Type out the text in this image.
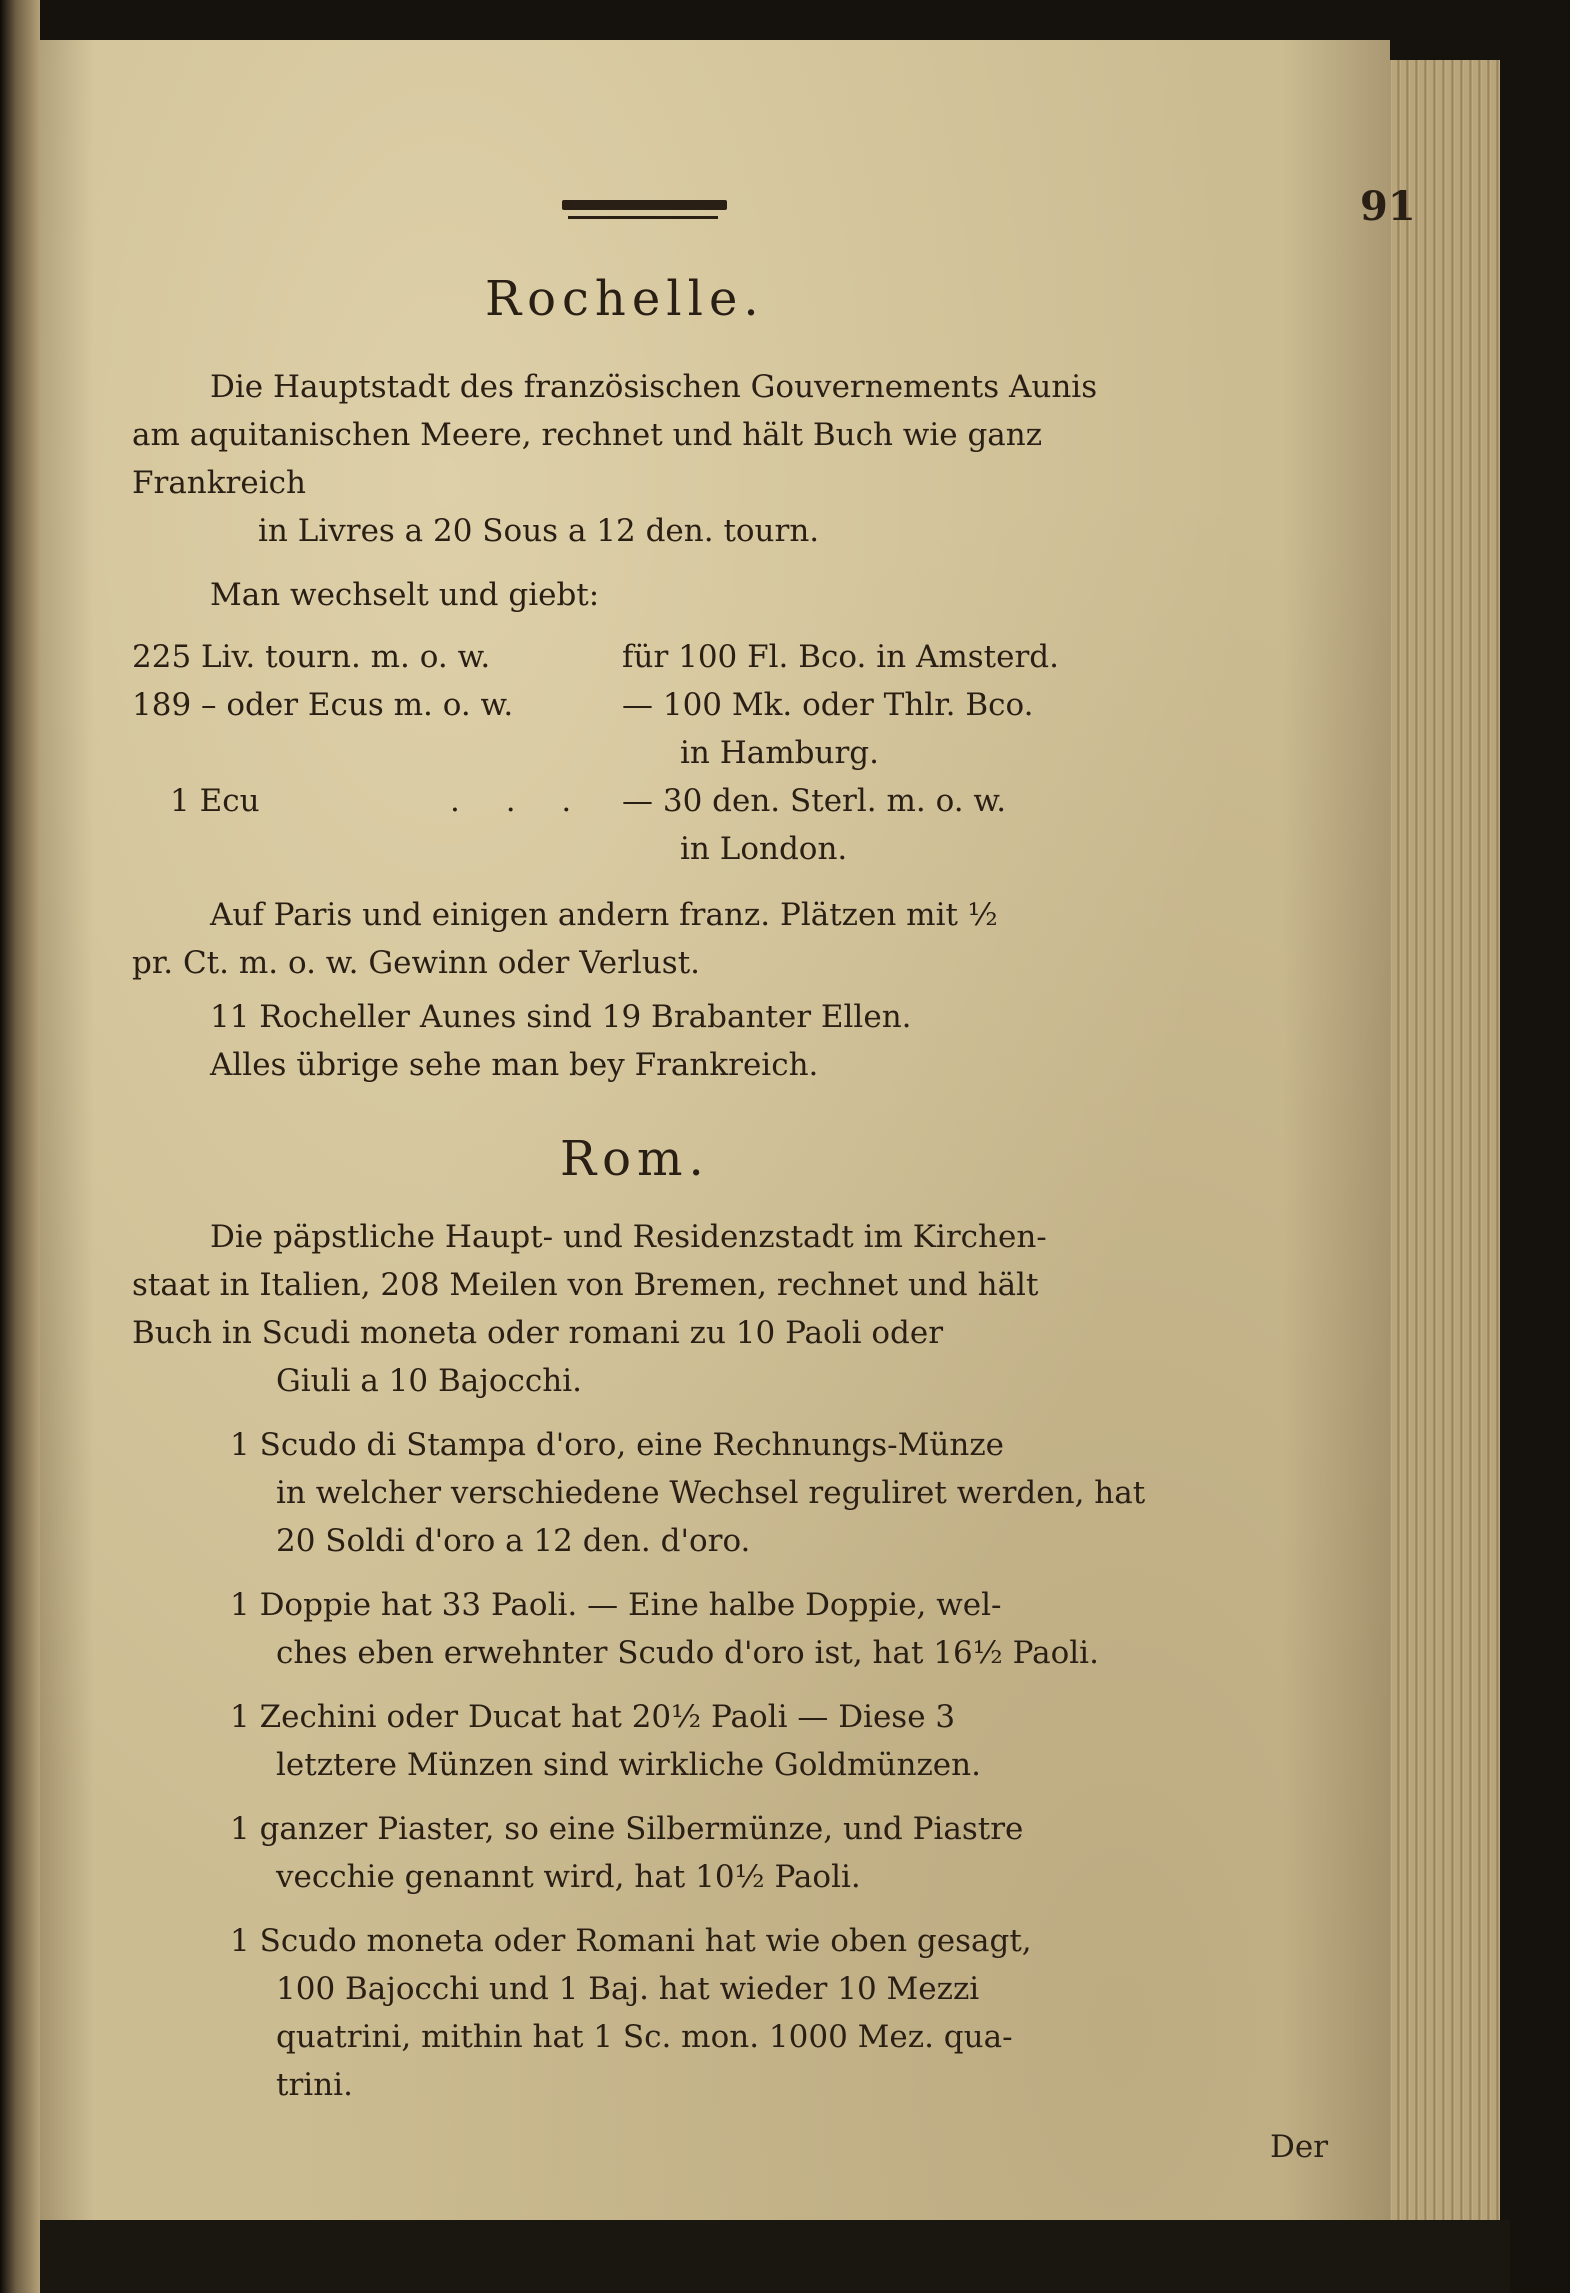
91
Rochelle.
Die Hauptstadt des französischen Gouvernements Aunis
am aquitanischen Meere, rechnet und hält Buch wie ganz
Frankreich
in Livres a 20 Sous a 12 den. tourn.
Man wechselt und giebt:
225 Liv. tourn. m. o. w.	für 100 Fl. Bco. in Amsterd.
189 – oder Ecus m. o. w.	— 100 Mk. oder Thlr. Bco.
in Hamburg.
1 Ecu	. . . — 30 den. Sterl. m. o. w.
in London.
Auf Paris und einigen andern franz. Plätzen mit ½
pr. Ct. m. o. w. Gewinn oder Verlust.
11 Rocheller Aunes sind 19 Brabanter Ellen.
Alles übrige sehe man bey Frankreich.
Rom.
Die päpstliche Haupt- und Residenzstadt im Kirchen-
staat in Italien, 208 Meilen von Bremen, rechnet und hält
Buch in Scudi moneta oder romani zu 10 Paoli oder
Giuli a 10 Bajocchi.
1 Scudo di Stampa d'oro, eine Rechnungs-Münze
in welcher verschiedene Wechsel reguliret werden, hat
20 Soldi d'oro a 12 den. d'oro.
1 Doppie hat 33 Paoli. — Eine halbe Doppie, wel-
ches eben erwehnter Scudo d'oro ist, hat 16½ Paoli.
1 Zechini oder Ducat hat 20½ Paoli — Diese 3
letztere Münzen sind wirkliche Goldmünzen.
1 ganzer Piaster, so eine Silbermünze, und Piastre
vecchie genannt wird, hat 10½ Paoli.
1 Scudo moneta oder Romani hat wie oben gesagt,
100 Bajocchi und 1 Baj. hat wieder 10 Mezzi
quatrini, mithin hat 1 Sc. mon. 1000 Mez. qua-
trini.
Der
